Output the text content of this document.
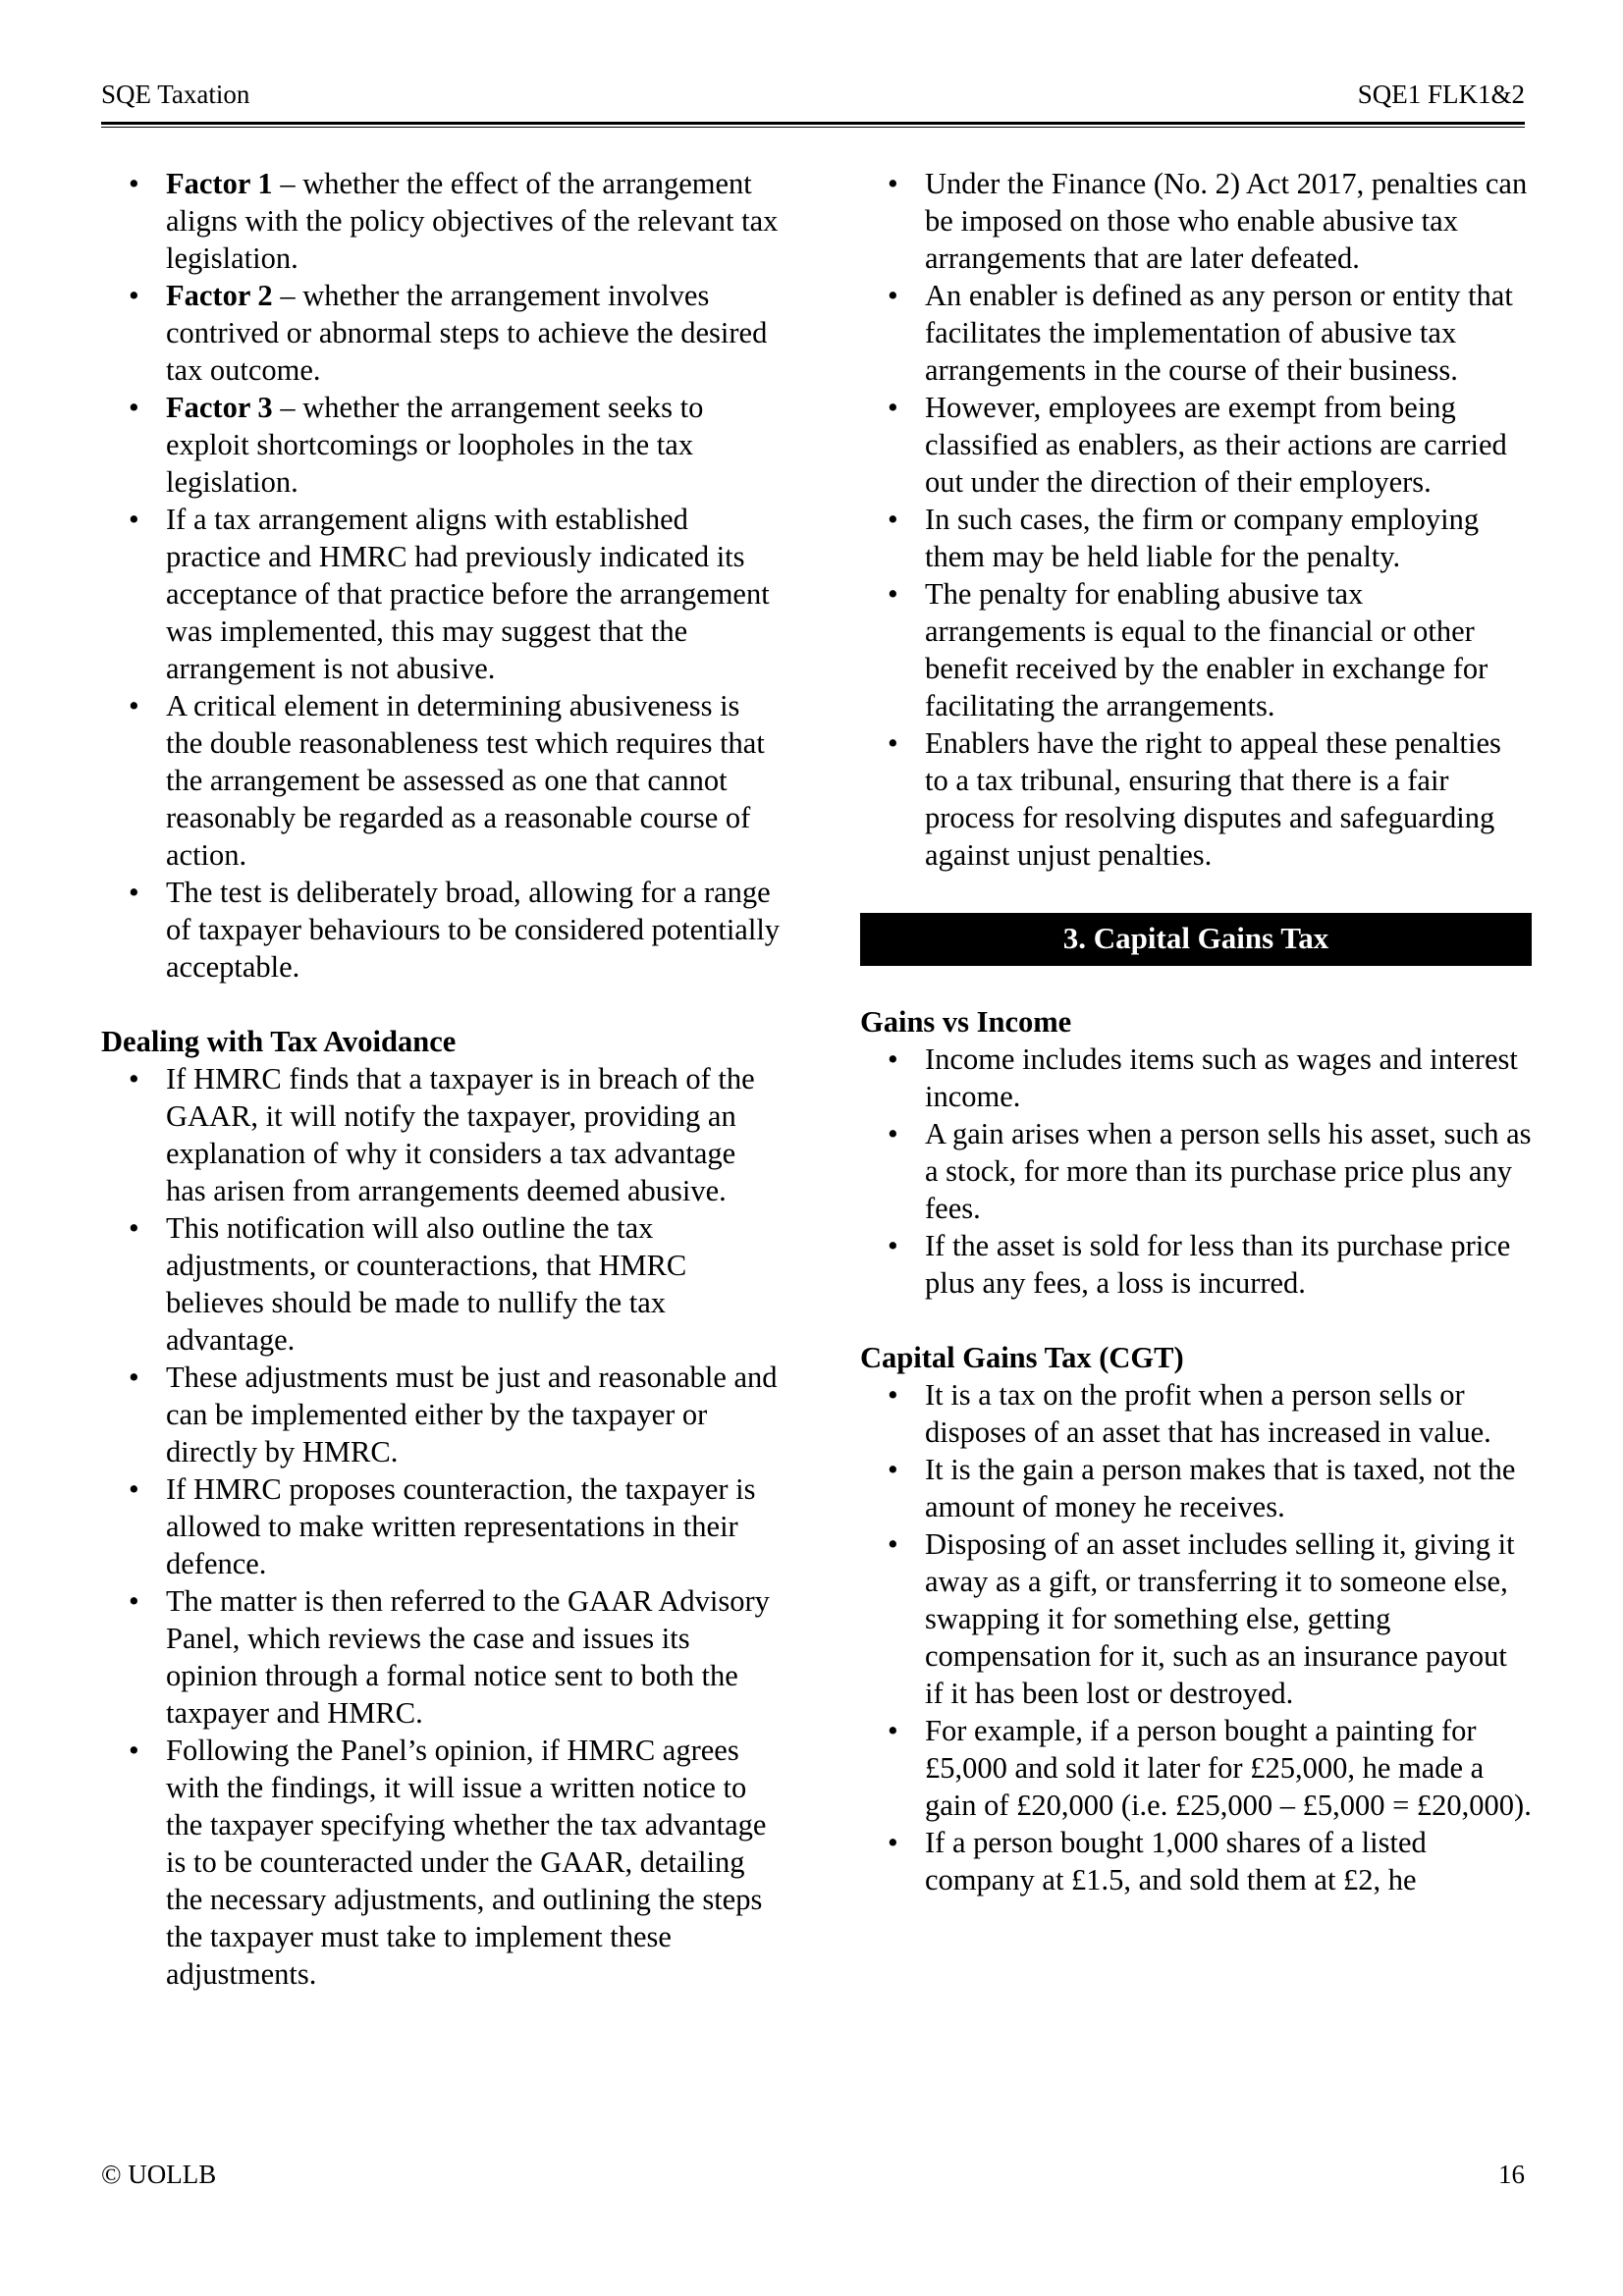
SQE Taxation	SQE1 FLK1&2
• Factor 1 – whether the effect of the arrangement aligns with the policy objectives of the relevant tax legislation.
• Factor 2 – whether the arrangement involves contrived or abnormal steps to achieve the desired tax outcome.
• Factor 3 – whether the arrangement seeks to exploit shortcomings or loopholes in the tax legislation.
• If a tax arrangement aligns with established practice and HMRC had previously indicated its acceptance of that practice before the arrangement was implemented, this may suggest that the arrangement is not abusive.
• A critical element in determining abusiveness is the double reasonableness test which requires that the arrangement be assessed as one that cannot reasonably be regarded as a reasonable course of action.
• The test is deliberately broad, allowing for a range of taxpayer behaviours to be considered potentially acceptable.
Dealing with Tax Avoidance
• If HMRC finds that a taxpayer is in breach of the GAAR, it will notify the taxpayer, providing an explanation of why it considers a tax advantage has arisen from arrangements deemed abusive.
• This notification will also outline the tax adjustments, or counteractions, that HMRC believes should be made to nullify the tax advantage.
• These adjustments must be just and reasonable and can be implemented either by the taxpayer or directly by HMRC.
• If HMRC proposes counteraction, the taxpayer is allowed to make written representations in their defence.
• The matter is then referred to the GAAR Advisory Panel, which reviews the case and issues its opinion through a formal notice sent to both the taxpayer and HMRC.
• Following the Panel’s opinion, if HMRC agrees with the findings, it will issue a written notice to the taxpayer specifying whether the tax advantage is to be counteracted under the GAAR, detailing the necessary adjustments, and outlining the steps the taxpayer must take to implement these adjustments.
• Under the Finance (No. 2) Act 2017, penalties can be imposed on those who enable abusive tax arrangements that are later defeated.
• An enabler is defined as any person or entity that facilitates the implementation of abusive tax arrangements in the course of their business.
• However, employees are exempt from being classified as enablers, as their actions are carried out under the direction of their employers.
• In such cases, the firm or company employing them may be held liable for the penalty.
• The penalty for enabling abusive tax arrangements is equal to the financial or other benefit received by the enabler in exchange for facilitating the arrangements.
• Enablers have the right to appeal these penalties to a tax tribunal, ensuring that there is a fair process for resolving disputes and safeguarding against unjust penalties.
3. Capital Gains Tax
Gains vs Income
• Income includes items such as wages and interest income.
• A gain arises when a person sells his asset, such as a stock, for more than its purchase price plus any fees.
• If the asset is sold for less than its purchase price plus any fees, a loss is incurred.
Capital Gains Tax (CGT)
• It is a tax on the profit when a person sells or disposes of an asset that has increased in value.
• It is the gain a person makes that is taxed, not the amount of money he receives.
• Disposing of an asset includes selling it, giving it away as a gift, or transferring it to someone else, swapping it for something else, getting compensation for it, such as an insurance payout if it has been lost or destroyed.
• For example, if a person bought a painting for £5,000 and sold it later for £25,000, he made a gain of £20,000 (i.e. £25,000 – £5,000 = £20,000).
• If a person bought 1,000 shares of a listed company at £1.5, and sold them at £2, he
© UOLLB	16
